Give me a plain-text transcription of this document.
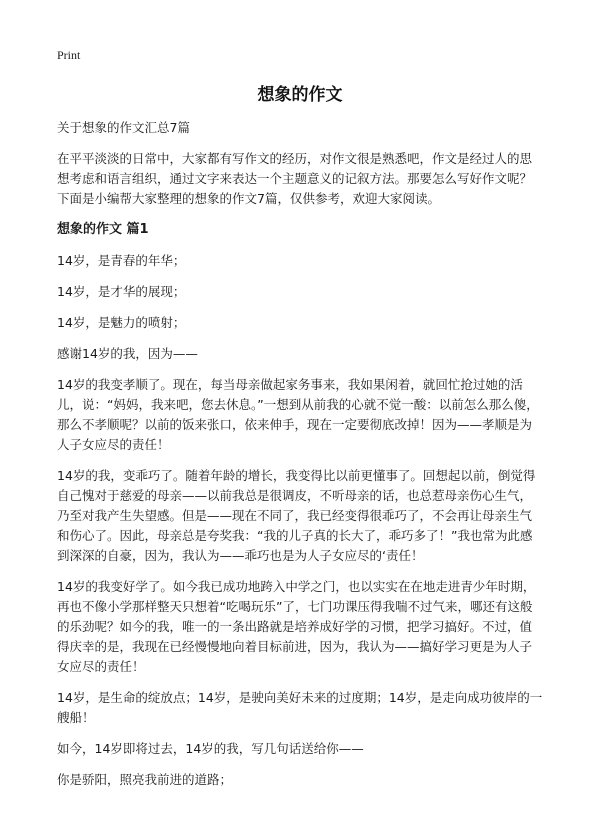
Print
想象的作文

关于想象的作文汇总7篇

在平平淡淡的日常中，大家都有写作文的经历，对作文很是熟悉吧，作文是经过人的思想考虑和语言组织，通过文字来表达一个主题意义的记叙方法。那要怎么写好作文呢？下面是小编帮大家整理的想象的作文7篇，仅供参考，欢迎大家阅读。

想象的作文 篇1

14岁，是青春的年华；

14岁，是才华的展现；

14岁，是魅力的喷射；

感谢14岁的我，因为——

14岁的我变孝顺了。现在，每当母亲做起家务事来，我如果闲着，就回忙抢过她的活儿，说：“妈妈，我来吧，您去休息。”一想到从前我的心就不觉一酸：以前怎么那么傻，那么不孝顺呢？以前的饭来张口，依来伸手，现在一定要彻底改掉！因为——孝顺是为人子女应尽的责任！

14岁的我，变乖巧了。随着年龄的增长，我变得比以前更懂事了。回想起以前，倒觉得自己愧对于慈爱的母亲——以前我总是很调皮，不听母亲的话，也总惹母亲伤心生气，乃至对我产生失望感。但是——现在不同了，我已经变得很乖巧了，不会再让母亲生气和伤心了。因此，母亲总是夸奖我：“我的儿子真的长大了，乖巧多了！”我也常为此感到深深的自豪，因为，我认为——乖巧也是为人子女应尽的‘责任！

14岁的我变好学了。如今我已成功地跨入中学之门，也以实实在在地走进青少年时期，再也不像小学那样整天只想着“吃喝玩乐”了，七门功课压得我喘不过气来，哪还有这般的乐劲呢？如今的我，唯一的一条出路就是培养成好学的习惯，把学习搞好。不过，值得庆幸的是，我现在已经慢慢地向着目标前进，因为，我认为——搞好学习更是为人子女应尽的责任！

14岁，是生命的绽放点；14岁，是驶向美好未来的过度期；14岁，是走向成功彼岸的一艘船！

如今，14岁即将过去，14岁的我，写几句话送给你——

你是骄阳，照亮我前进的道路；
